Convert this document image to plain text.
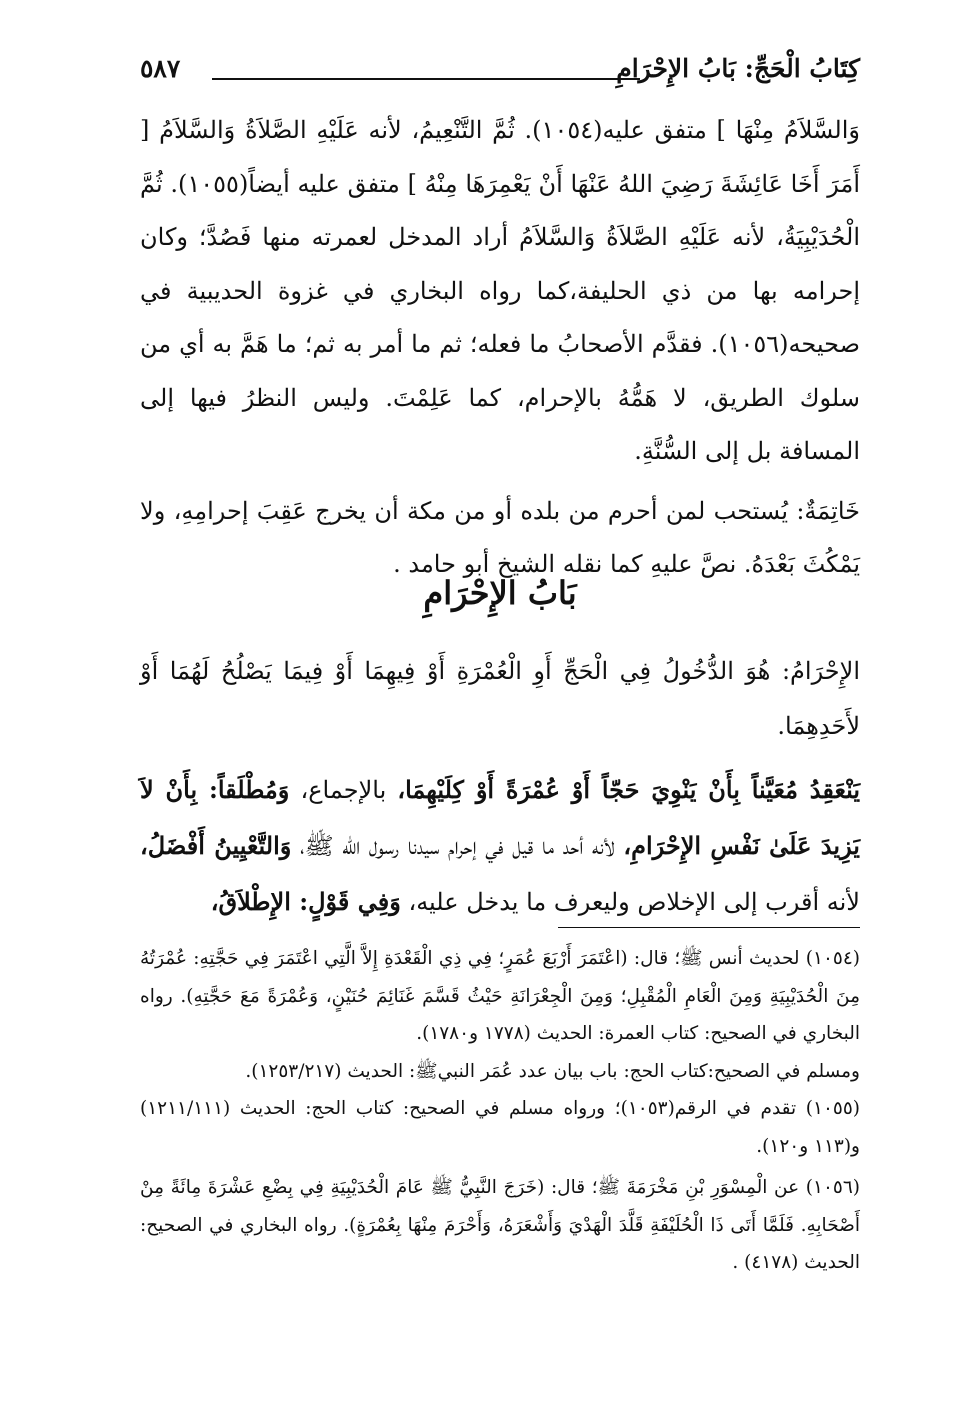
كِتَابُ الْحَجِّ: بَابُ الإِحْرَامِ
٥٨٧

وَالسَّلاَمُ مِنْهَا ] متفق عليه(١٠٥٤). ثُمَّ التَّنْعِيمُ، لأنه عَلَيْهِ الصَّلاَةُ وَالسَّلاَمُ [ أَمَرَ أَخَا عَائِشَةَ رَضِيَ اللهُ عَنْهَا أَنْ يَعْمِرَهَا مِنْهُ ] متفق عليه أيضاً(١٠٥٥). ثُمَّ الْحُدَيْبِيَةُ، لأنه عَلَيْهِ الصَّلاَةُ وَالسَّلاَمُ أراد المدخل لعمرته منها فَصُدَّ؛ وكان إحرامه بها من ذي الحليفة،كما رواه البخاري في غزوة الحديبية في صحيحه(١٠٥٦). فقدَّم الأصحابُ ما فعله؛ ثم ما أمر به ثم؛ ما هَمَّ به أي من سلوك الطريق، لا هَمُّهُ بالإحرام، كما عَلِمْتَ. وليس النظرُ فيها إلى المسافة بل إلى السُّنَّةِ.

خَاتِمَةٌ: يُستحب لمن أحرم من بلده أو من مكة أن يخرج عَقِبَ إحرامِهِ، ولا يَمْكُثَ بَعْدَهُ. نصَّ عليهِ كما نقله الشيخ أبو حامد .

بَابُ الإِحْرَامِ

الإِحْرَامُ: هُوَ الدُّخُولُ فِي الْحَجِّ أَوِ الْعُمْرَةِ أَوْ فِيهِمَا أَوْ فِيمَا يَصْلُحُ لَهُمَا أَوْ لأَحَدِهِمَا.

يَنْعَقِدُ مُعَيَّناً بِأَنْ يَنْوِيَ حَجّاً أَوْ عُمْرَةً أَوْ كِلَيْهِمَا، بالإجماع، وَمُطْلَقاً: بِأَنْ لاَ يَزِيدَ عَلَىٰ نَفْسِ الإِحْرَامِ، لأنه أحد ما قيل في إحرام سيدنا رسول الله ﷺ، وَالتَّعْيِينُ أَفْضَلُ، لأنه أقرب إلى الإخلاص وليعرف ما يدخل عليه، وَفِي قَوْلٍ: الإِطْلاَقُ،

(١٠٥٤) لحديث أنس ﷺ؛ قال: (اعْتَمَرَ أَرْبَعَ عُمَرٍ؛ فِي ذِي الْقَعْدَةِ إِلاَّ الَّتِي اعْتَمَرَ فِي حَجَّتِهِ: عُمْرَتُهُ مِنَ الْحُدَيْبِيَةِ وَمِنَ الْعَامِ الْمُقْبِلِ؛ وَمِنَ الْجِعْرَانَةِ حَيْثُ قَسَّمَ غَنَائِمَ حُنَيْنٍ، وَعُمْرَةً مَعَ حَجَّتِهِ). رواه البخاري في الصحيح: كتاب العمرة: الحديث (١٧٧٨ و١٧٨٠).

ومسلم في الصحيح:كتاب الحج: باب بيان عدد عُمَر النبيﷺ: الحديث (١٢٥٣/٢١٧).

(١٠٥٥) تقدم في الرقم(١٠٥٣)؛ ورواه مسلم في الصحيح: كتاب الحج: الحديث (١٢١١/١١١) و(١١٣ و١٢٠).

(١٠٥٦) عن الْمِسْوَرِ بْنِ مَخْرَمَةَ ﷺ؛ قال: (خَرَجَ النَّبِيُّ ﷺ عَامَ الْحُدَيْبِيَةِ فِي بِضْعِ عَشْرَةَ مِائَةً مِنْ أَصْحَابِهِ. فَلَمَّا أَتَى ذَا الْحُلَيْفَةِ قَلَّدَ الْهَدْيَ وَأَشْعَرَهُ، وَأَحْرَمَ مِنْهَا بِعُمْرَةٍ). رواه البخاري في الصحيح: الحديث (٤١٧٨) .
